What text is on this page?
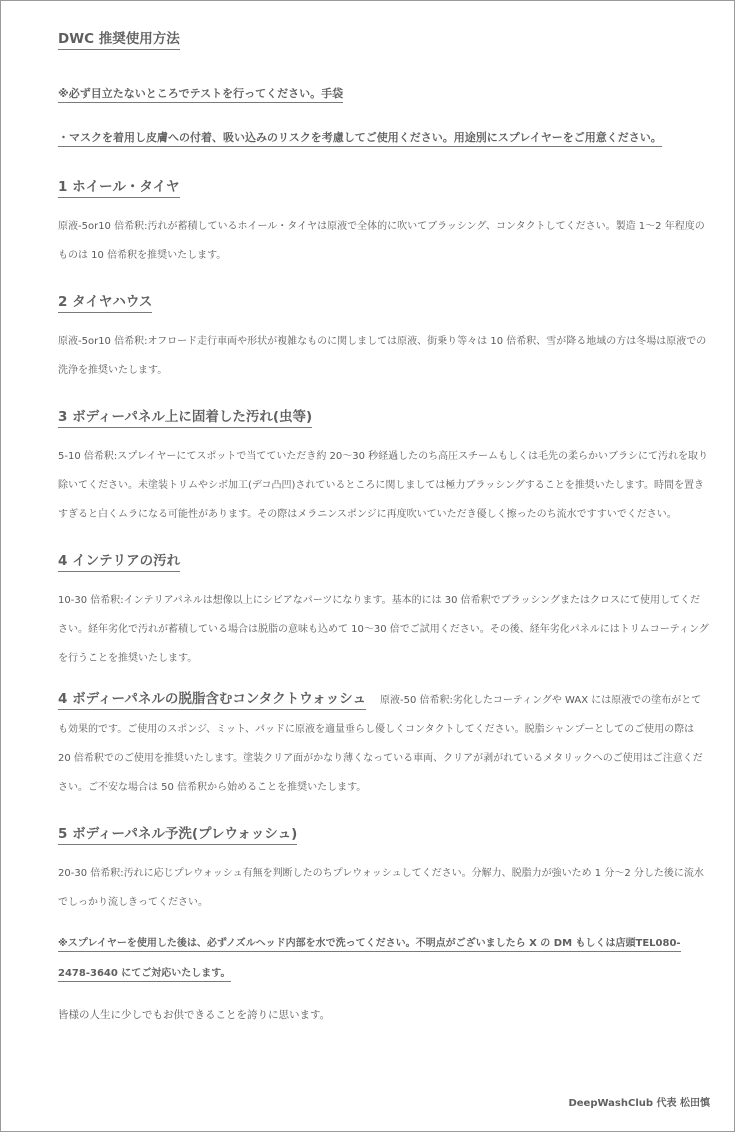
DWC 推奨使用方法

※必ず目立たないところでテストを行ってください。手袋

・マスクを着用し皮膚への付着、吸い込みのリスクを考慮してご使用ください。用途別にスプレイヤーをご用意ください。

1 ホイール・タイヤ

原液-5or10 倍希釈:汚れが蓄積しているホイール・タイヤは原液で全体的に吹いてブラッシング、コンタクトしてください。製造 1～2 年程度のものは 10 倍希釈を推奨いたします。

2 タイヤハウス

原液-5or10 倍希釈:オフロード走行車両や形状が複雑なものに関しましては原液、街乗り等々は 10 倍希釈、雪が降る地域の方は冬場は原液での洗浄を推奨いたします。

3 ボディーパネル上に固着した汚れ(虫等)

5-10 倍希釈:スプレイヤーにてスポットで当てていただき約 20～30 秒経過したのち高圧スチームもしくは毛先の柔らかいブラシにて汚れを取り除いてください。未塗装トリムやシボ加工(デコ凸凹)されているところに関しましては極力ブラッシングすることを推奨いたします。時間を置きすぎると白くムラになる可能性があります。その際はメラニンスポンジに再度吹いていただき優しく擦ったのち流水ですすいでください。

4 インテリアの汚れ

10-30 倍希釈:インテリアパネルは想像以上にシビアなパーツになります。基本的には 30 倍希釈でブラッシングまたはクロスにて使用してください。経年劣化で汚れが蓄積している場合は脱脂の意味も込めて 10～30 倍でご試用ください。その後、経年劣化パネルにはトリムコーティングを行うことを推奨いたします。

4 ボディーパネルの脱脂含むコンタクトウォッシュ 原液-50 倍希釈:劣化したコーティングや WAX には原液での塗布がとても効果的です。ご使用のスポンジ、ミット、パッドに原液を適量垂らし優しくコンタクトしてください。脱脂シャンプーとしてのご使用の際は 20 倍希釈でのご使用を推奨いたします。塗装クリア面がかなり薄くなっている車両、クリアが剥がれているメタリックへのご使用はご注意ください。ご不安な場合は 50 倍希釈から始めることを推奨いたします。

5 ボディーパネル予洗(プレウォッシュ)

20-30 倍希釈:汚れに応じプレウォッシュ有無を判断したのちプレウォッシュしてください。分解力、脱脂力が強いため 1 分～2 分した後に流水でしっかり流しきってください。

※スプレイヤーを使用した後は、必ずノズルヘッド内部を水で洗ってください。不明点がございましたら X の DM もしくは店頭TEL080-2478-3640 にてご対応いたします。

皆様の人生に少しでもお供できることを誇りに思います。

DeepWashClub 代表 松田慎
